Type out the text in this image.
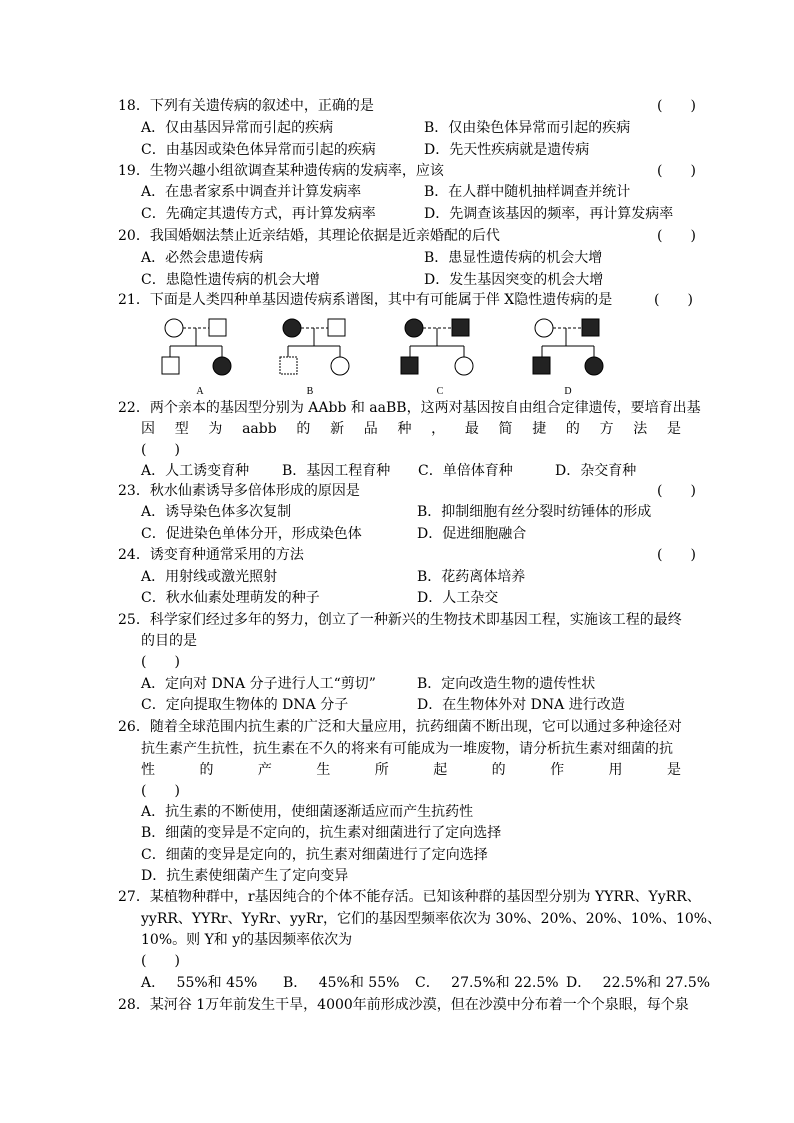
18．下列有关遗传病的叙述中，正确的是	(　　)
A．仅由基因异常而引起的疾病	B．仅由染色体异常而引起的疾病
C．由基因或染色体异常而引起的疾病	D．先天性疾病就是遗传病
19．生物兴趣小组欲调查某种遗传病的发病率，应该	(　　)
A．在患者家系中调查并计算发病率	B．在人群中随机抽样调查并统计
C．先确定其遗传方式，再计算发病率	D．先调查该基因的频率，再计算发病率
20．我国婚姻法禁止近亲结婚，其理论依据是近亲婚配的后代	(　　)
A．必然会患遗传病	B．患显性遗传病的机会大增
C．患隐性遗传病的机会大增	D．发生基因突变的机会大增
21．下面是人类四种单基因遗传病系谱图，其中有可能属于伴 X隐性遗传病的是	(　　)
A	B	C	D
22．两个亲本的基因型分别为 AAbb 和 aaBB，这两对基因按自由组合定律遗传，要培育出基
因 型 为 aabb 的 新 品 种 ， 最 简 捷 的 方 法 是
(　　)
A．人工诱变育种 B．基因工程育种 C．单倍体育种	D．杂交育种
23．秋水仙素诱导多倍体形成的原因是	(　　)
A．诱导染色体多次复制	B．抑制细胞有丝分裂时纺锤体的形成
C．促进染色单体分开，形成染色体	D．促进细胞融合
24．诱变育种通常采用的方法	(　　)
A．用射线或激光照射	B．花药离体培养
C．秋水仙素处理萌发的种子	D．人工杂交
25．科学家们经过多年的努力，创立了一种新兴的生物技术即基因工程，实施该工程的最终
的目的是
(　　)
A．定向对 DNA 分子进行人工“剪切”	B．定向改造生物的遗传性状
C．定向提取生物体的 DNA 分子	D．在生物体外对 DNA 进行改造
26．随着全球范围内抗生素的广泛和大量应用，抗药细菌不断出现，它可以通过多种途径对
抗生素产生抗性，抗生素在不久的将来有可能成为一堆废物，请分析抗生素对细菌的抗
性	的	产	生	所	起	的	作	用	是
(　　)
A．抗生素的不断使用，使细菌逐渐适应而产生抗药性
B．细菌的变异是不定向的，抗生素对细菌进行了定向选择
C．细菌的变异是定向的，抗生素对细菌进行了定向选择
D．抗生素使细菌产生了定向变异
27．某植物种群中，r基因纯合的个体不能存活。已知该种群的基因型分别为 YYRR、YyRR、
yyRR、YYRr、YyRr、yyRr，它们的基因型频率依次为 30%、20%、20%、10%、10%、
10%。则 Y和 y的基因频率依次为
(　　)
A．　 55%和 45% B．　 45%和 55% C．　 27.5%和 22.5% D．　 22.5%和 27.5%
28．某河谷 1万年前发生干旱，4000年前形成沙漠，但在沙漠中分布着一个个泉眼，每个泉
